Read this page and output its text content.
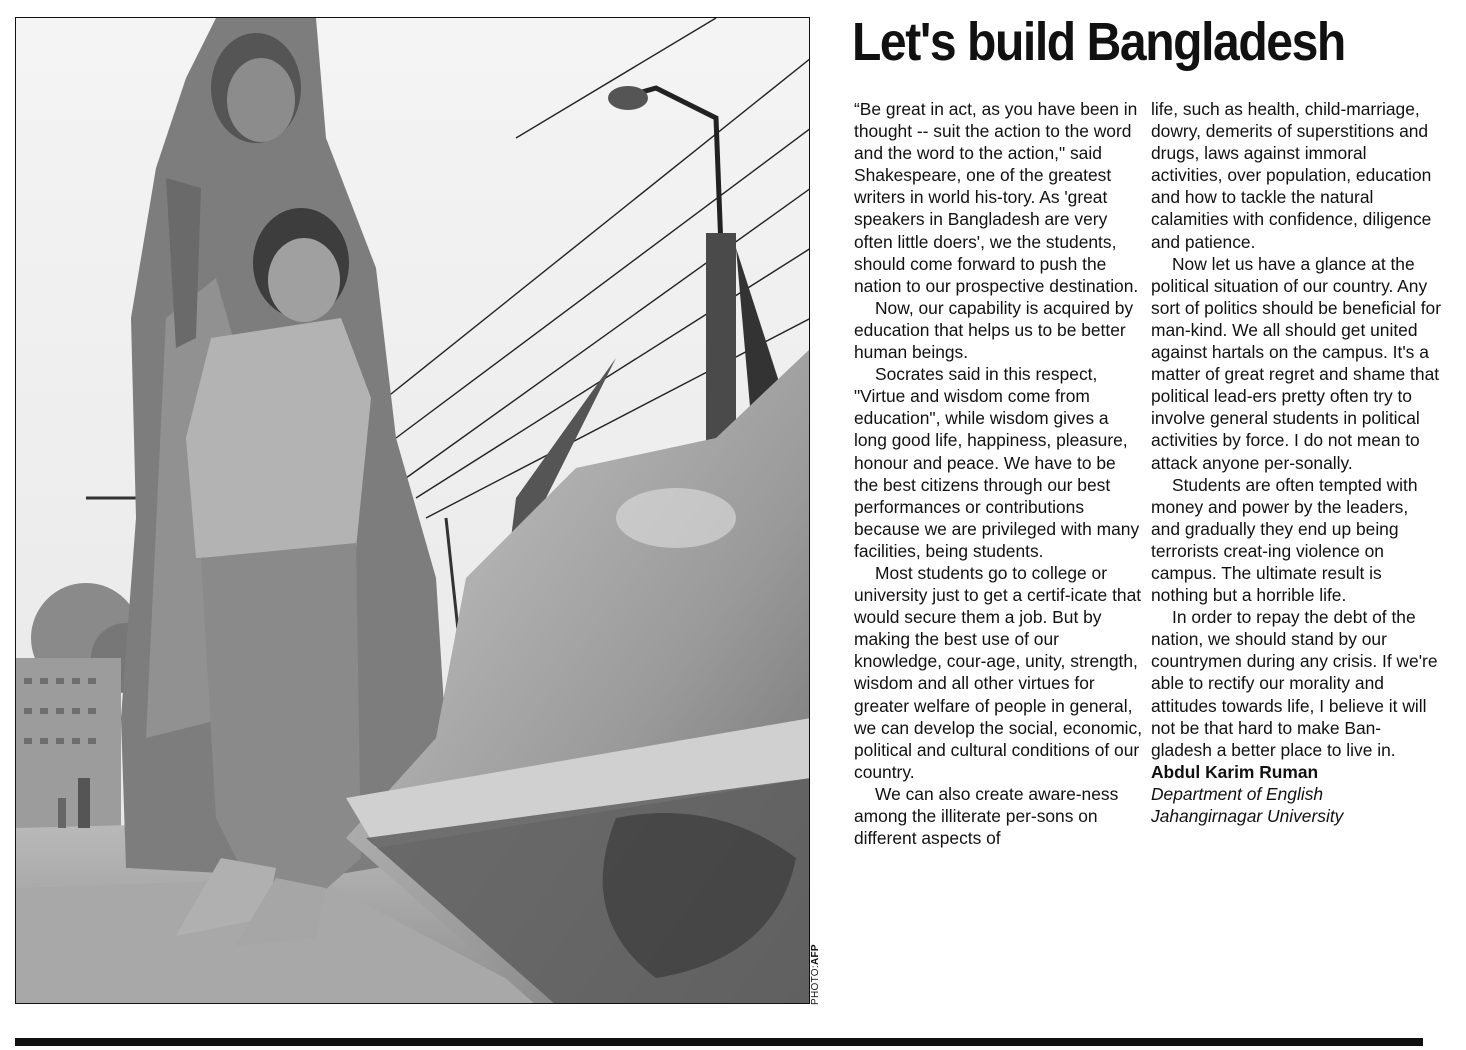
PHOTO:AFP
Let's build Bangladesh

“Be great in act, as you have been in thought -- suit the action to the word and the word to the action," said Shakespeare, one of the greatest writers in world his-tory. As 'great speakers in Bangladesh are very often little doers', we the students, should come forward to push the nation to our prospective destination.

Now, our capability is acquired by education that helps us to be better human beings.

Socrates said in this respect, "Virtue and wisdom come from education", while wisdom gives a long good life, happiness, pleasure, honour and peace. We have to be the best citizens through our best performances or contributions because we are privileged with many facilities, being students.

Most students go to college or university just to get a certif-icate that would secure them a job. But by making the best use of our knowledge, cour-age, unity, strength, wisdom and all other virtues for greater welfare of people in general, we can develop the social, economic, political and cultural conditions of our country.

We can also create aware-ness among the illiterate per-sons on different aspects of

life, such as health, child-marriage, dowry, demerits of superstitions and drugs, laws against immoral activities, over population, education and how to tackle the natural calamities with confidence, diligence and patience.

Now let us have a glance at the political situation of our country. Any sort of politics should be beneficial for man-kind. We all should get united against hartals on the campus. It's a matter of great regret and shame that political lead-ers pretty often try to involve general students in political activities by force. I do not mean to attack anyone per-sonally.

Students are often tempted with money and power by the leaders, and gradually they end up being terrorists creat-ing violence on campus. The ultimate result is nothing but a horrible life.

In order to repay the debt of the nation, we should stand by our countrymen during any crisis. If we're able to rectify our morality and attitudes towards life, I believe it will not be that hard to make Ban-gladesh a better place to live in.

Abdul Karim Ruman
Department of English
Jahangirnagar University
